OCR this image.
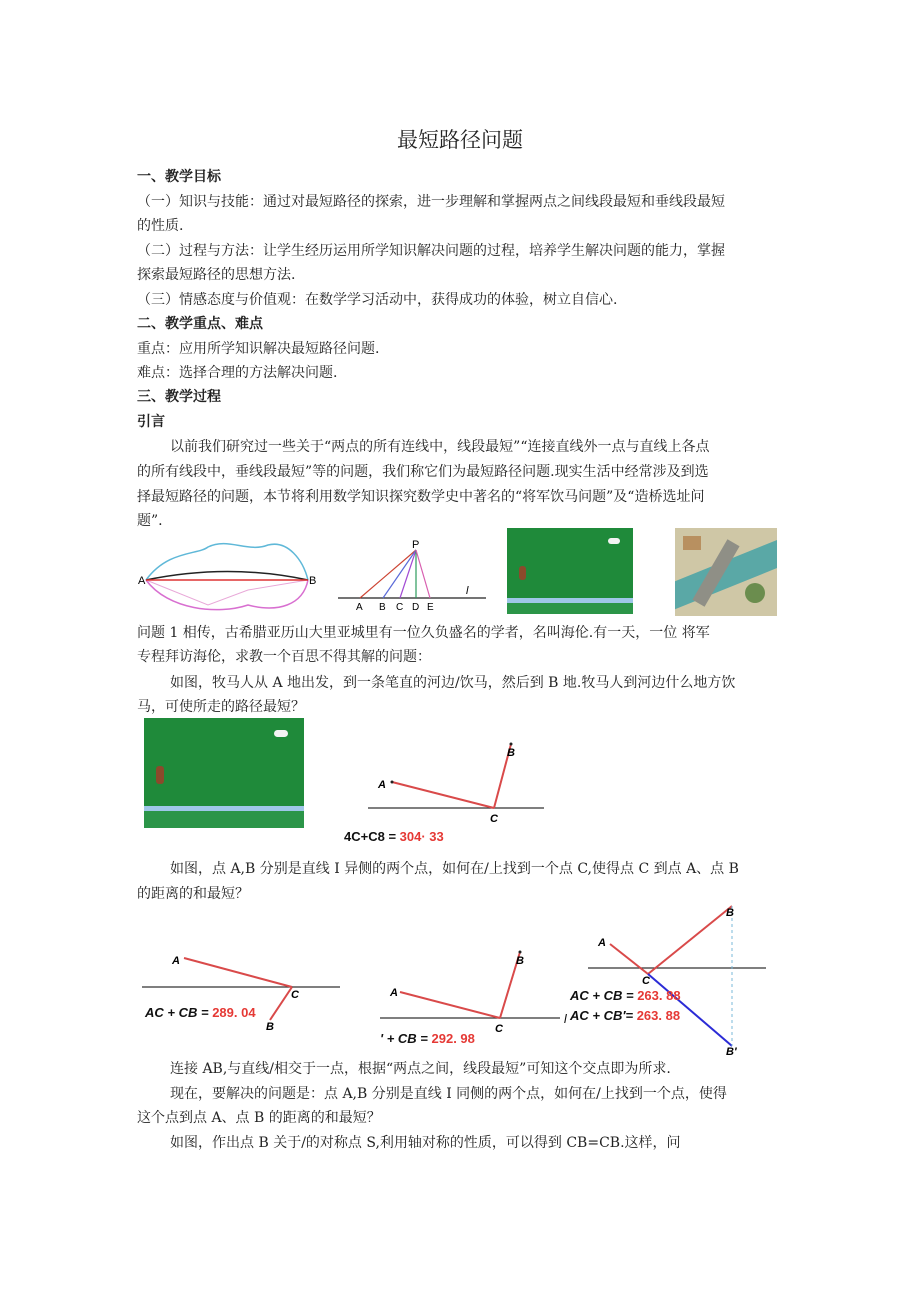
最短路径问题
一、教学目标
（一）知识与技能：通过对最短路径的探索，进一步理解和掌握两点之间线段最短和垂线段最短
的性质.
（二）过程与方法：让学生经历运用所学知识解决问题的过程，培养学生解决问题的能力，掌握
探索最短路径的思想方法.
（三）情感态度与价值观：在数学学习活动中，获得成功的体验，树立自信心.
二、教学重点、难点
重点：应用所学知识解决最短路径问题.
难点：选择合理的方法解决问题.
三、教学过程
引言
以前我们研究过一些关于“两点的所有连线中，线段最短”“连接直线外一点与直线上各点
的所有线段中，垂线段最短”等的问题，我们称它们为最短路径问题.现实生活中经常涉及到选
择最短路径的问题，本节将利用数学知识探究数学史中著名的“将军饮马问题”及“造桥选址问
题”.
A	B
P
A B C D E
l
问题 1 相传，古希腊亚历山大里亚城里有一位久负盛名的学者，名叫海伦.有一天，一位 将军
专程拜访海伦，求教一个百思不得其解的问题：
如图，牧马人从 A 地出发，到一条笔直的河边/饮马，然后到 B 地.牧马人到河边什么地方饮
马，可使所走的路径最短？
A
B
C
4C+C8 = 304· 33
如图，点 A,B 分别是直线 I 异侧的两个点，如何在/上找到一个点 C,使得点 C 到点 A、点 B
的距离的和最短？
A
C
B
AC + CB = 289. 04
A
B
C
l
' + CB = 292. 98
A
B
C
B′
AC + CB = 263. 88
AC + CB′= 263. 88
连接 AB,与直线/相交于一点，根据“两点之间，线段最短”可知这个交点即为所求.
现在，要解决的问题是：点 A,B 分别是直线 I 同侧的两个点，如何在/上找到一个点，使得
这个点到点 A、点 B 的距离的和最短？
如图，作出点 B 关于/的对称点 S,利用轴对称的性质，可以得到 CB=CB.这样，问
